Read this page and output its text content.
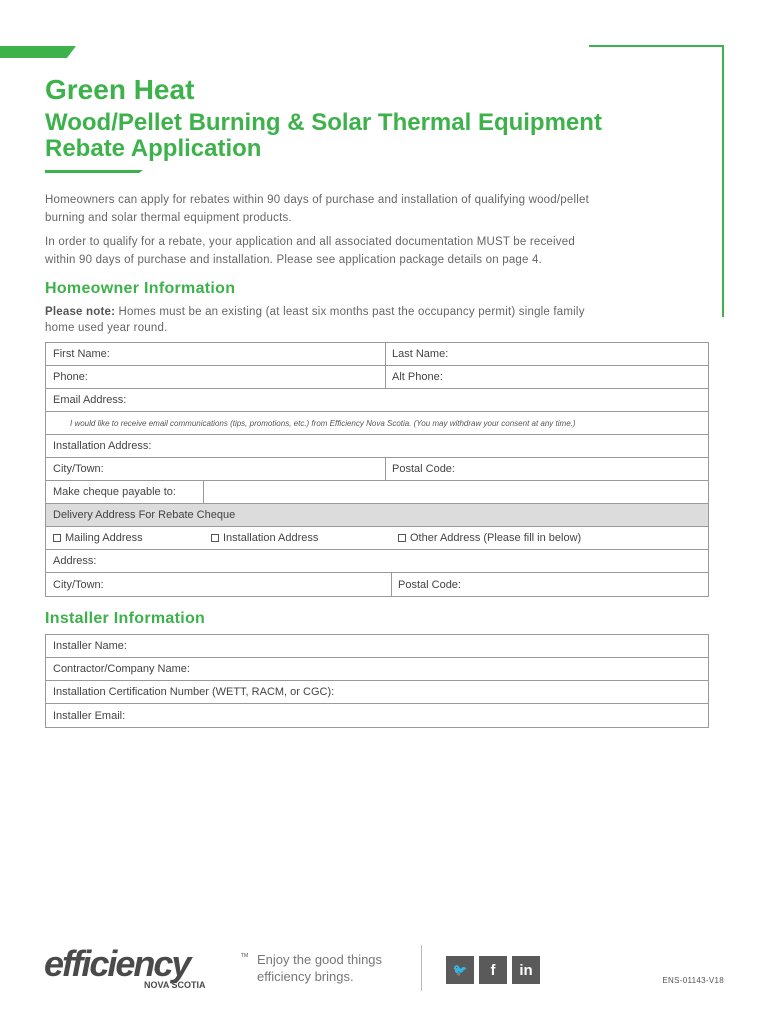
Green Heat
Wood/Pellet Burning & Solar Thermal Equipment
Rebate Application

Homeowners can apply for rebates within 90 days of purchase and installation of qualifying wood/pellet
burning and solar thermal equipment products.

In order to qualify for a rebate, your application and all associated documentation MUST be received
within 90 days of purchase and installation. Please see application package details on page 4.

Homeowner Information

Please note: Homes must be an existing (at least six months past the occupancy permit) single family
home used year round.

First Name:	Last Name:
Phone:	Alt Phone:
Email Address:
I would like to receive email communications (tips, promotions, etc.) from Efficiency Nova Scotia. (You may withdraw your consent at any time.)
Installation Address:
City/Town:	Postal Code:
Make cheque payable to:
Delivery Address For Rebate Cheque
Mailing Address	Installation Address	Other Address (Please fill in below)
Address:
City/Town:	Postal Code:
Installer Information
Installer Name:
Contractor/Company Name:
Installation Certification Number (WETT, RACM, or CGC):
Installer Email:
efficiency	TM
NOVA SCOTIA

Enjoy the good things
efficiency brings.	🐦 f in
ENS-01143-V18
